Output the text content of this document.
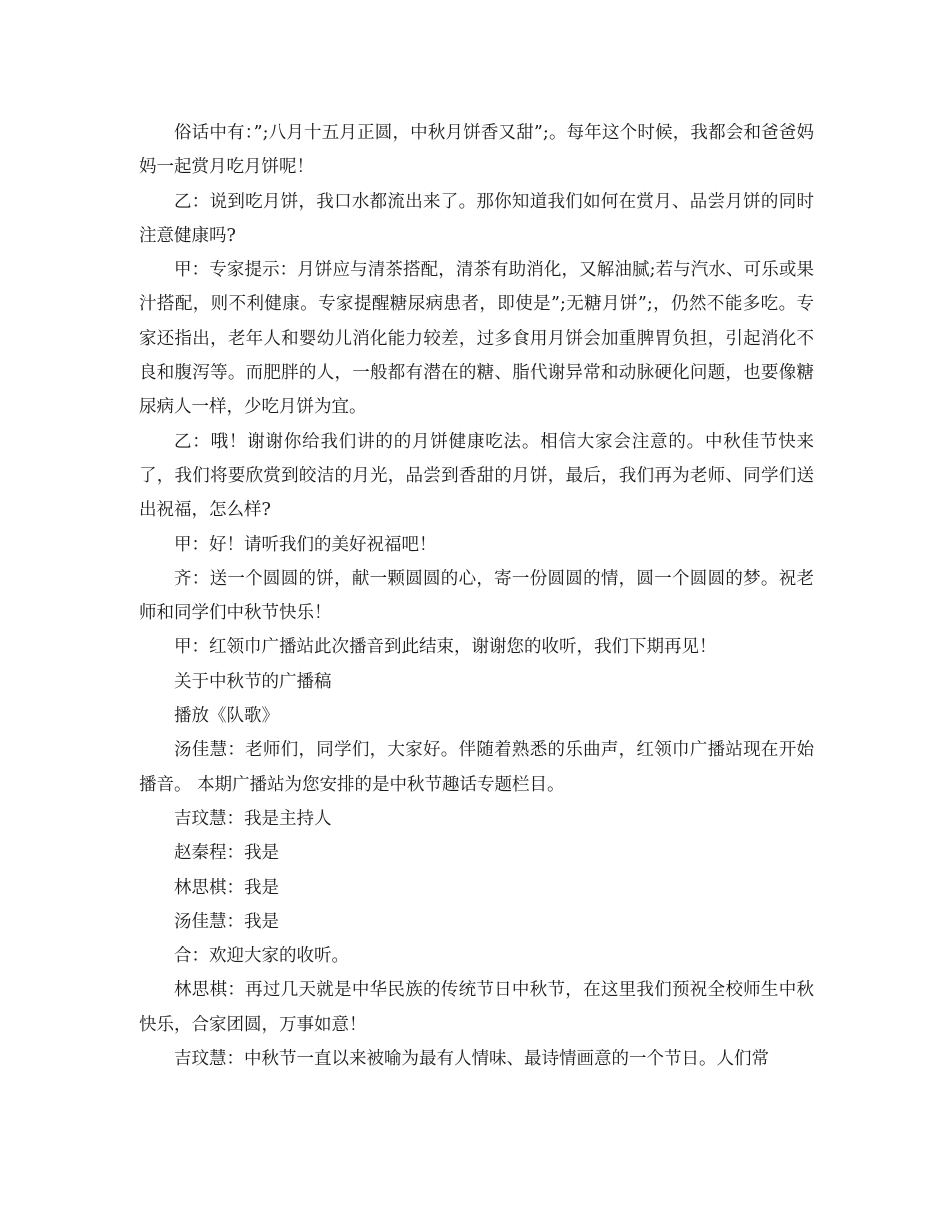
俗话中有：”;八月十五月正圆，中秋月饼香又甜”;。每年这个时候，我都会和爸爸妈妈一起赏月吃月饼呢！

乙：说到吃月饼，我口水都流出来了。那你知道我们如何在赏月、品尝月饼的同时注意健康吗?

甲：专家提示：月饼应与清茶搭配，清茶有助消化，又解油腻;若与汽水、可乐或果汁搭配，则不利健康。专家提醒糖尿病患者，即使是”;无糖月饼”;，仍然不能多吃。专家还指出，老年人和婴幼儿消化能力较差，过多食用月饼会加重脾胃负担，引起消化不良和腹泻等。而肥胖的人，一般都有潜在的糖、脂代谢异常和动脉硬化问题，也要像糖尿病人一样，少吃月饼为宜。

乙：哦！谢谢你给我们讲的的月饼健康吃法。相信大家会注意的。中秋佳节快来了，我们将要欣赏到皎洁的月光，品尝到香甜的月饼，最后，我们再为老师、同学们送出祝福，怎么样?

甲：好！请听我们的美好祝福吧！

齐：送一个圆圆的饼，献一颗圆圆的心，寄一份圆圆的情，圆一个圆圆的梦。祝老师和同学们中秋节快乐！

甲：红领巾广播站此次播音到此结束，谢谢您的收听，我们下期再见！

关于中秋节的广播稿

播放《队歌》

汤佳慧：老师们，同学们，大家好。伴随着熟悉的乐曲声，红领巾广播站现在开始播音。 本期广播站为您安排的是中秋节趣话专题栏目。

吉玟慧：我是主持人

赵秦程：我是

林思棋：我是

汤佳慧：我是

合：欢迎大家的收听。

林思棋：再过几天就是中华民族的传统节日中秋节，在这里我们预祝全校师生中秋快乐，合家团圆，万事如意！

吉玟慧：中秋节一直以来被喻为最有人情味、最诗情画意的一个节日。人们常
